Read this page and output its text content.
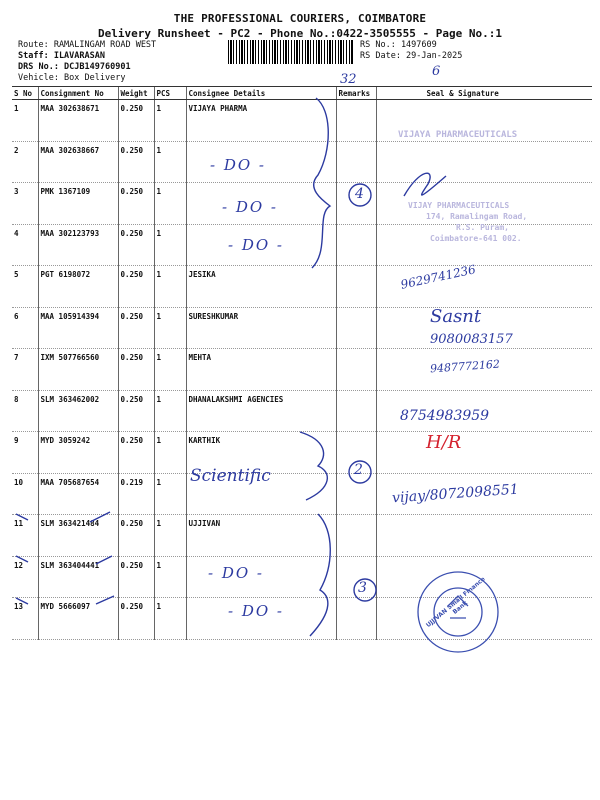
THE PROFESSIONAL COURIERS, COIMBATORE
Delivery Runsheet - PC2 - Phone No.:0422-3505555 - Page No.:1
Route: RAMALINGAM ROAD WEST
Staff: ILAVARASAN
DRS No.: DCJB149760901
Vehicle: Box Delivery
RS No.: 1497609
RS Date: 29-Jan-2025
32
6
S No	Consignment No	Weight	PCS	Consignee Details	Remarks	Seal & Signature
1	MAA 302638671	0.250	1	VIJAYA PHARMA		
2	MAA 302638667	0.250	1			
3	PMK 1367109	0.250	1			
4	MAA 302123793	0.250	1			
5	PGT 6198072	0.250	1	JESIKA		
6	MAA 105914394	0.250	1	SURESHKUMAR		
7	IXM 507766560	0.250	1	MEHTA		
8	SLM 363462002	0.250	1	DHANALAKSHMI AGENCIES		
9	MYD 3059242	0.250	1	KARTHIK		
10	MAA 705687654	0.219	1			
11	SLM 363421484	0.250	1	UJJIVAN		
12	SLM 363404441	0.250	1			
13	MYD 5666097	0.250	1			
- DO -
- DO -
- DO -
Scientific
- DO -
- DO -
4
2
3
VIJAYA PHARMACEUTICALS
VIJAY PHARMACEUTICALS
174, Ramalingam Road,
R.S. Puram,
Coimbatore-641 002.
9629741236
Sasnt
9080083157
9487772162
8754983959
H/R
vijay/8072098551
UJJIVAN Small Finance Bank
